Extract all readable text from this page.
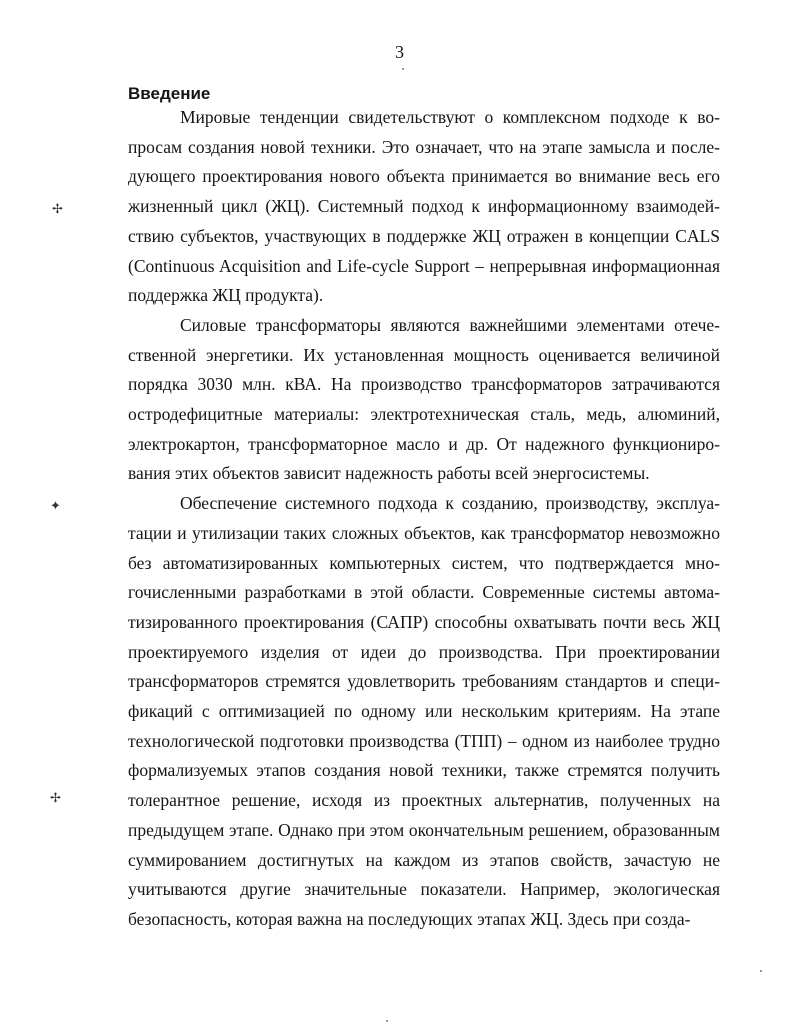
3
Введение

Мировые тенденции свидетельствуют о комплексном подходе к вопросам создания новой техники. Это означает, что на этапе замысла и последующего проектирования нового объекта принимается во внимание весь его жизненный цикл (ЖЦ). Системный подход к информационному взаимодействию субъектов, участвующих в поддержке ЖЦ отражен в концепции CALS (Continuous Acquisition and Life-cycle Support – непрерывная информационная поддержка ЖЦ продукта).

Силовые трансформаторы являются важнейшими элементами отечественной энергетики. Их установленная мощность оценивается величиной порядка 3030 млн. кВА. На производство трансформаторов затрачиваются остродефицитные материалы: электротехническая сталь, медь, алюминий, электрокартон, трансформаторное масло и др. От надежного функционирования этих объектов зависит надежность работы всей энергосистемы.

Обеспечение системного подхода к созданию, производству, эксплуатации и утилизации таких сложных объектов, как трансформатор невозможно без автоматизированных компьютерных систем, что подтверждается многочисленными разработками в этой области. Современные системы автоматизированного проектирования (САПР) способны охватывать почти весь ЖЦ проектируемого изделия от идеи до производства. При проектировании трансформаторов стремятся удовлетворить требованиям стандартов и спецификаций с оптимизацией по одному или нескольким критериям. На этапе технологической подготовки производства (ТПП) – одном из наиболее трудно формализуемых этапов создания новой техники, также стремятся получить толерантное решение, исходя из проектных альтернатив, полученных на предыдущем этапе. Однако при этом окончательным решением, образованным суммированием достигнутых на каждом из этапов свойств, зачастую не учитываются другие значительные показатели. Например, экологическая безопасность, которая важна на последующих этапах ЖЦ. Здесь при созда-

✢
✦
✢
